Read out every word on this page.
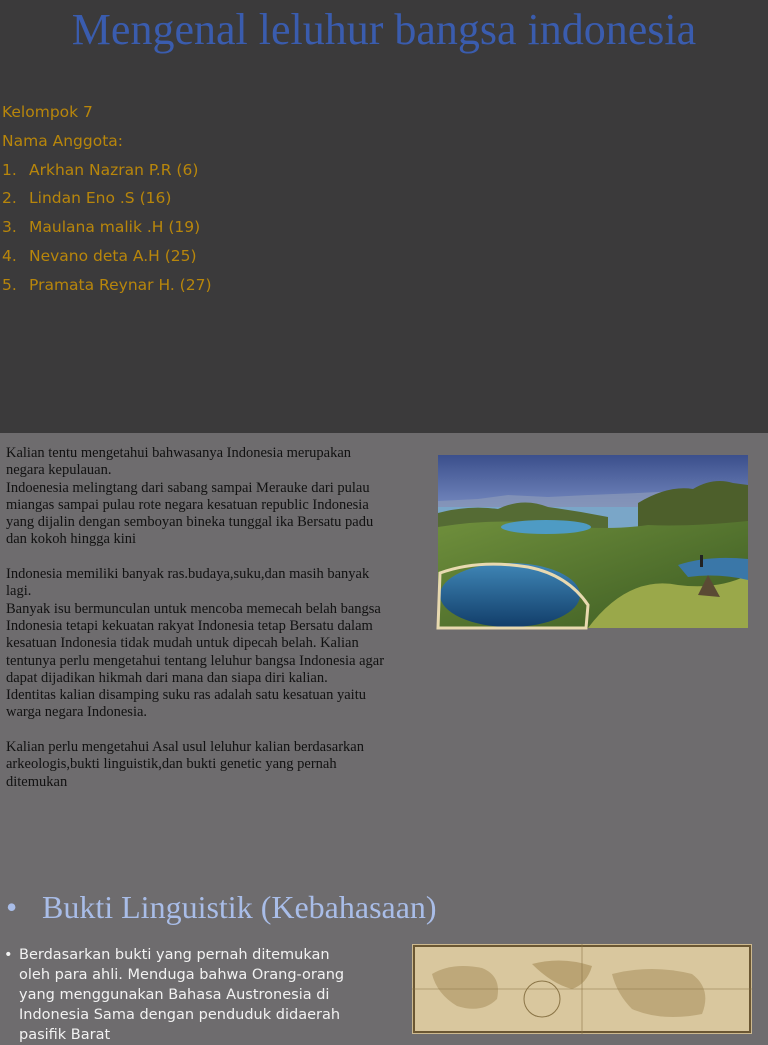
Mengenal leluhur bangsa indonesia
Kelompok 7
Nama Anggota:
1. Arkhan Nazran P.R (6)
2. Lindan Eno .S (16)
3. Maulana malik .H (19)
4. Nevano deta A.H (25)
5. Pramata Reynar H. (27)

Kalian tentu mengetahui bahwasanya Indonesia merupakan

negara kepulauan.

Indoenesia melingtang dari sabang sampai Merauke dari pulau

miangas sampai pulau rote negara kesatuan republic Indonesia

yang dijalin dengan semboyan bineka tunggal ika Bersatu padu

dan kokoh hingga kini

Indonesia memiliki banyak ras.budaya,suku,dan masih banyak

lagi.

Banyak isu bermunculan untuk mencoba memecah belah bangsa

Indonesia tetapi kekuatan rakyat Indonesia tetap Bersatu dalam

kesatuan Indonesia tidak mudah untuk dipecah belah. Kalian

tentunya perlu mengetahui tentang leluhur bangsa Indonesia agar

dapat dijadikan hikmah dari mana dan siapa diri kalian.

Identitas kalian disamping suku ras adalah satu kesatuan yaitu

warga negara Indonesia.

Kalian perlu mengetahui Asal usul leluhur kalian berdasarkan

arkeologis,bukti linguistik,dan bukti genetic yang pernah

ditemukan

• Bukti Linguistik (Kebahasaan)
• Berdasarkan bukti yang pernah ditemukan oleh para ahli. Menduga bahwa Orang-orang yang menggunakan Bahasa Austronesia di Indonesia Sama dengan penduduk didaerah pasifik Barat
